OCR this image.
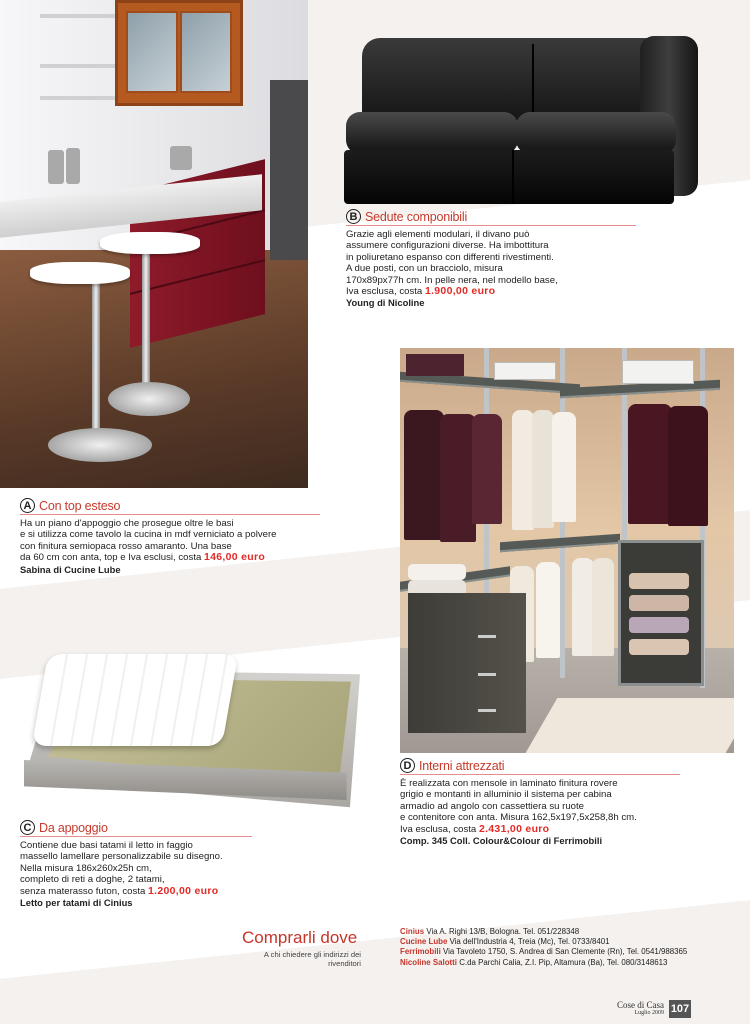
B Sedute componibili
Grazie agli elementi modulari, il divano può
assumere configurazioni diverse. Ha imbottitura
in poliuretano espanso con differenti rivestimenti.
A due posti, con un bracciolo, misura
170x89px77h cm. In pelle nera, nel modello base,
Iva esclusa, costa 1.900,00 euro
Young di Nicoline
A Con top esteso
Ha un piano d'appoggio che prosegue oltre le basi
e si utilizza come tavolo la cucina in mdf verniciato a polvere
con finitura semiopaca rosso amaranto. Una base
da 60 cm con anta, top e Iva esclusi, costa 146,00 euro
Sabina di Cucine Lube
D Interni attrezzati
È realizzata con mensole in laminato finitura rovere
grigio e montanti in alluminio il sistema per cabina
armadio ad angolo con cassettiera su ruote
e contenitore con anta. Misura 162,5x197,5x258,8h cm.
Iva esclusa, costa 2.431,00 euro
Comp. 345 Coll. Colour&Colour di Ferrimobili
C Da appoggio
Contiene due basi tatami il letto in faggio
massello lamellare personalizzabile su disegno.
Nella misura 186x260x25h cm,
completo di reti a doghe, 2 tatami,
senza materasso futon, costa 1.200,00 euro
Letto per tatami di Cinius
Comprarli dove
A chi chiedere gli indirizzi dei rivenditori
Cinius Via A. Righi 13/B, Bologna. Tel. 051/228348
Cucine Lube Via dell'Industria 4, Treia (Mc), Tel. 0733/8401
Ferrimobili Via Tavoleto 1750, S. Andrea di San Clemente (Rn), Tel. 0541/988365
Nicoline Salotti C.da Parchi Calia, Z.I. Pip, Altamura (Ba), Tel. 080/3148613
Cose di Casa
Luglio 2009 107
